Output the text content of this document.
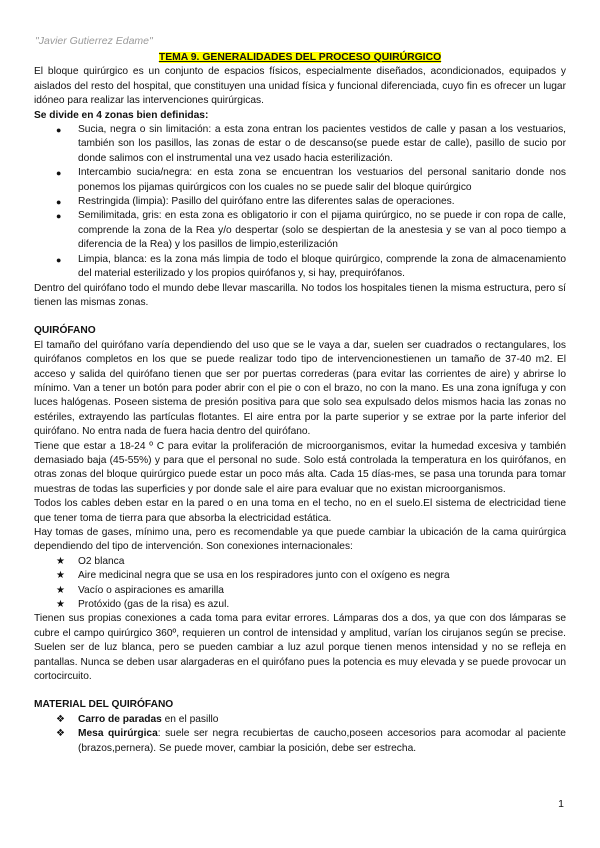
"Javier Gutierrez Edame"
TEMA 9. GENERALIDADES DEL PROCESO QUIRÚRGICO

El bloque quirúrgico es un conjunto de espacios físicos, especialmente diseñados, acondicionados, equipados y aislados del resto del hospital, que constituyen una unidad física y funcional diferenciada, cuyo fin es ofrecer un lugar idóneo para realizar las intervenciones quirúrgicas.

Se divide en 4 zonas bien definidas:
● Sucia, negra o sin limitación: a esta zona entran los pacientes vestidos de calle y pasan a los vestuarios, también son los pasillos, las zonas de estar o de descanso(se puede estar de calle), pasillo de sucio por donde salimos con el instrumental una vez usado hacia esterilización.
● Intercambio sucia/negra: en esta zona se encuentran los vestuarios del personal sanitario donde nos ponemos los pijamas quirúrgicos con los cuales no se puede salir del bloque quirúrgico
● Restringida (limpia): Pasillo del quirófano entre las diferentes salas de operaciones.
● Semilimitada, gris: en esta zona es obligatorio ir con el pijama quirúrgico, no se puede ir con ropa de calle, comprende la zona de la Rea y/o despertar (solo se despiertan de la anestesia y se van al poco tiempo a diferencia de la Rea) y los pasillos de limpio,esterilización
● Limpia, blanca: es la zona más limpia de todo el bloque quirúrgico, comprende la zona de almacenamiento del material esterilizado y los propios quirófanos y, si hay, prequirófanos.

Dentro del quirófano todo el mundo debe llevar mascarilla. No todos los hospitales tienen la misma estructura, pero sí tienen las mismas zonas.

QUIRÓFANO

El tamaño del quirófano varía dependiendo del uso que se le vaya a dar, suelen ser cuadrados o rectangulares, los quirófanos completos en los que se puede realizar todo tipo de intervencionestienen un tamaño de 37-40 m2. El acceso y salida del quirófano tienen que ser por puertas correderas (para evitar las corrientes de aire) y abrirse lo mínimo. Van a tener un botón para poder abrir con el pie o con el brazo, no con la mano. Es una zona ignífuga y con luces halógenas. Poseen sistema de presión positiva para que solo sea expulsado delos mismos hacia las zonas no estériles, extrayendo las partículas flotantes. El aire entra por la parte superior y se extrae por la parte inferior del quirófano. No entra nada de fuera hacia dentro del quirófano.

Tiene que estar a 18-24 º C para evitar la proliferación de microorganismos, evitar la humedad excesiva y también demasiado baja (45-55%) y para que el personal no sude. Solo está controlada la temperatura en los quirófanos, en otras zonas del bloque quirúrgico puede estar un poco más alta. Cada 15 días-mes, se pasa una torunda para tomar muestras de todas las superficies y por donde sale el aire para evaluar que no existan microorganismos.

Todos los cables deben estar en la pared o en una toma en el techo, no en el suelo.El sistema de electricidad tiene que tener toma de tierra para que absorba la electricidad estática.

Hay tomas de gases, mínimo una, pero es recomendable ya que puede cambiar la ubicación de la cama quirúrgica dependiendo del tipo de intervención. Son conexiones internacionales:

★ O2 blanca
★ Aire medicinal negra que se usa en los respiradores junto con el oxígeno es negra
★ Vacío o aspiraciones es amarilla
★ Protóxido (gas de la risa) es azul.

Tienen sus propias conexiones a cada toma para evitar errores. Lámparas dos a dos, ya que con dos lámparas se cubre el campo quirúrgico 360º, requieren un control de intensidad y amplitud, varían los cirujanos según se precise. Suelen ser de luz blanca, pero se pueden cambiar a luz azul porque tienen menos intensidad y no se refleja en pantallas. Nunca se deben usar alargaderas en el quirófano pues la potencia es muy elevada y se puede provocar un cortocircuito.

MATERIAL DEL QUIRÓFANO
❖ Carro de paradas en el pasillo
❖ Mesa quirúrgica: suele ser negra recubiertas de caucho,poseen accesorios para acomodar al paciente (brazos,pernera). Se puede mover, cambiar la posición, debe ser estrecha.
1
